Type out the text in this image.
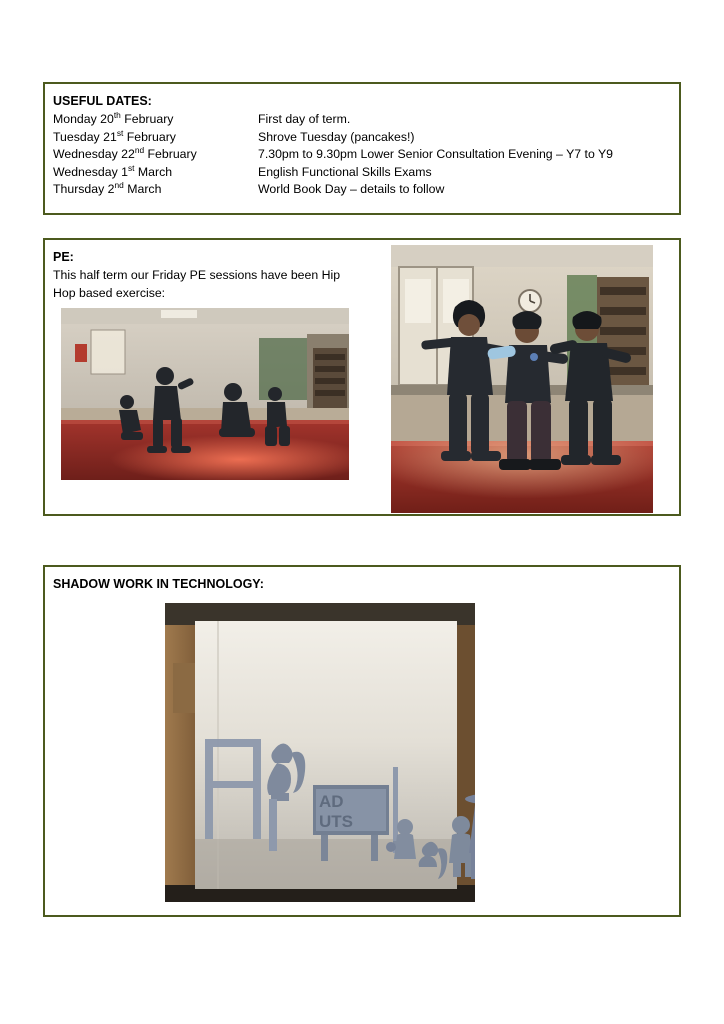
USEFUL DATES:
Monday 20th February	First day of term.
Tuesday 21st February	Shrove Tuesday (pancakes!)
Wednesday 22nd February	7.30pm to 9.30pm Lower Senior Consultation Evening – Y7 to Y9
Wednesday 1st March	English Functional Skills Exams
Thursday 2nd March	World Book Day – details to follow
PE:
This half term our Friday PE sessions have been Hip
Hop based exercise:
SHADOW WORK IN TECHNOLOGY:
AD
UTS
